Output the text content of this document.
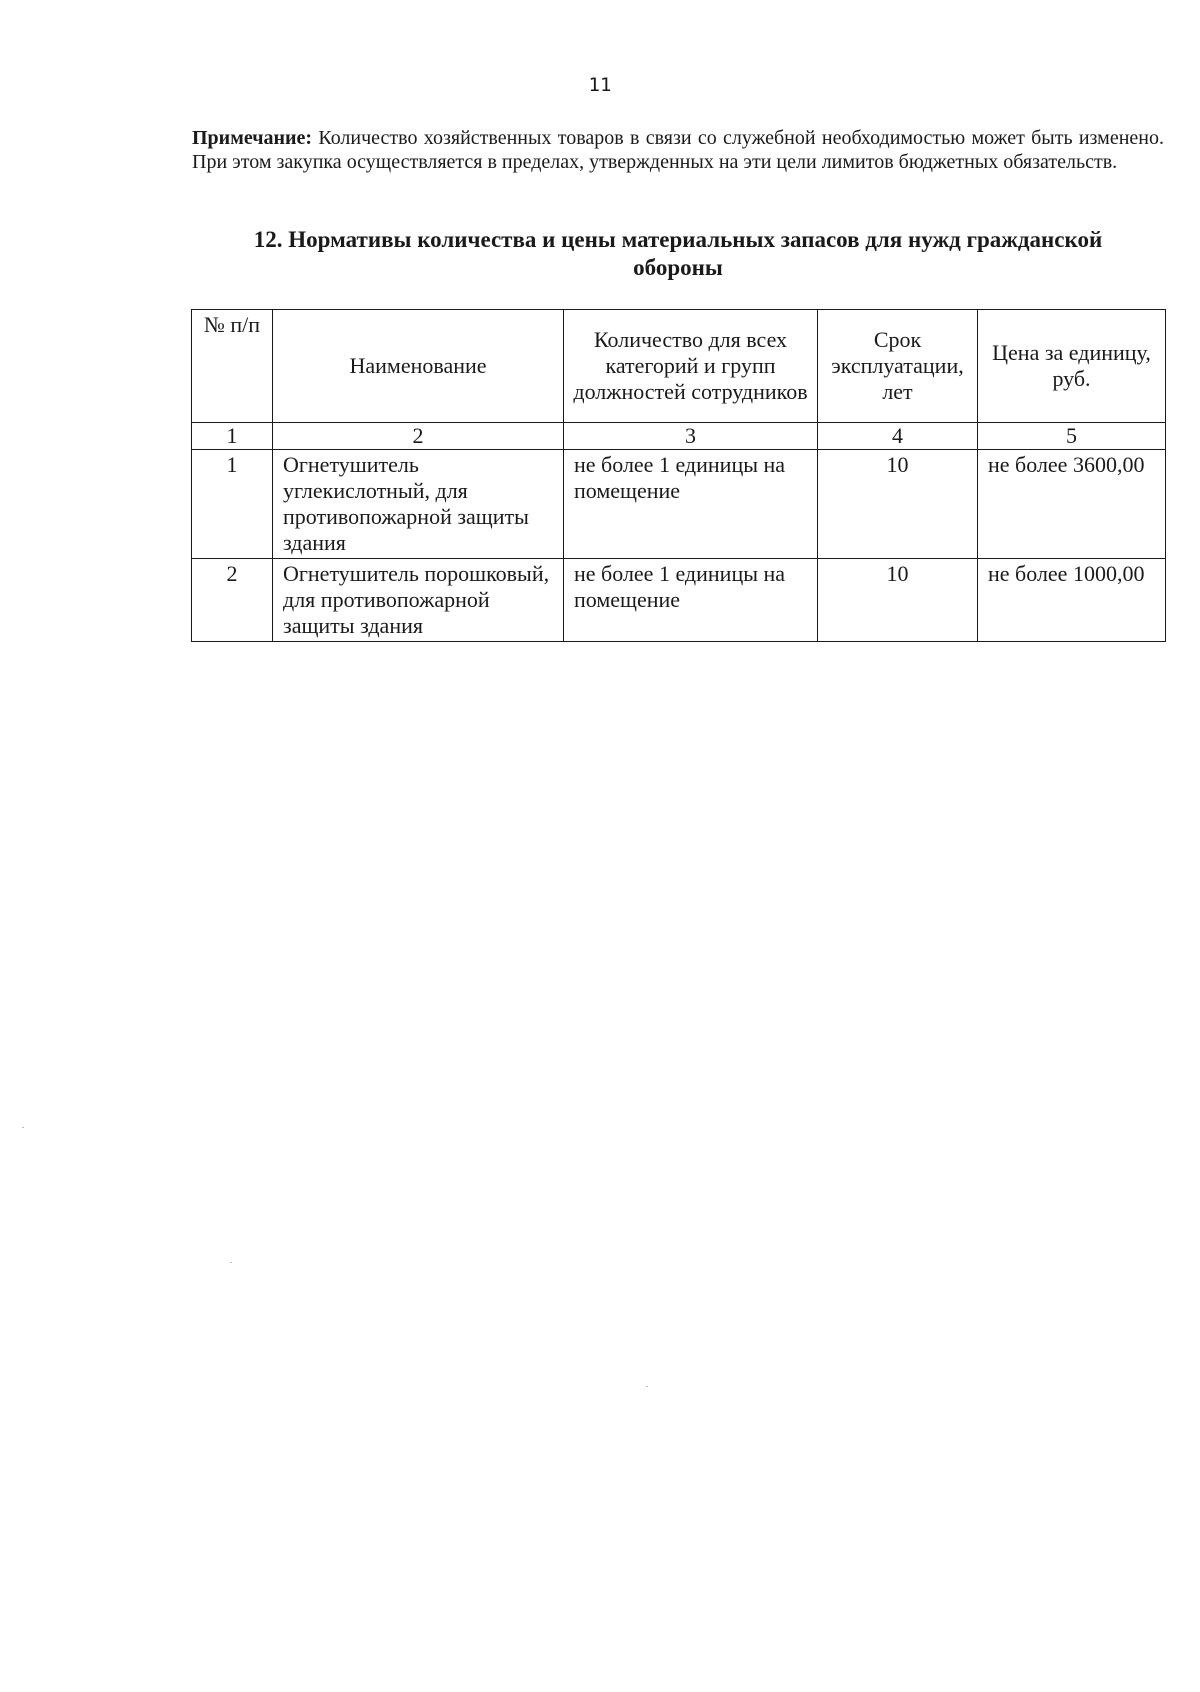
11

Примечание: Количество хозяйственных товаров в связи со служебной необходимостью может быть изменено. При этом закупка осуществляется в пределах, утвержденных на эти цели лимитов бюджетных обязательств.

12. Нормативы количества и цены материальных запасов для нужд гражданской
обороны
№ п/п	Наименование	Количество для всех категорий и групп должностей сотрудников	Срок эксплуатации, лет	Цена за единицу, руб.
1	2	3	4	5
1	Огнетушитель углекислотный, для противопожарной защиты здания	не более 1 единицы на помещение	10	не более 3600,00
2	Огнетушитель порошковый, для противопожарной защиты здания	не более 1 единицы на помещение	10	не более 1000,00
